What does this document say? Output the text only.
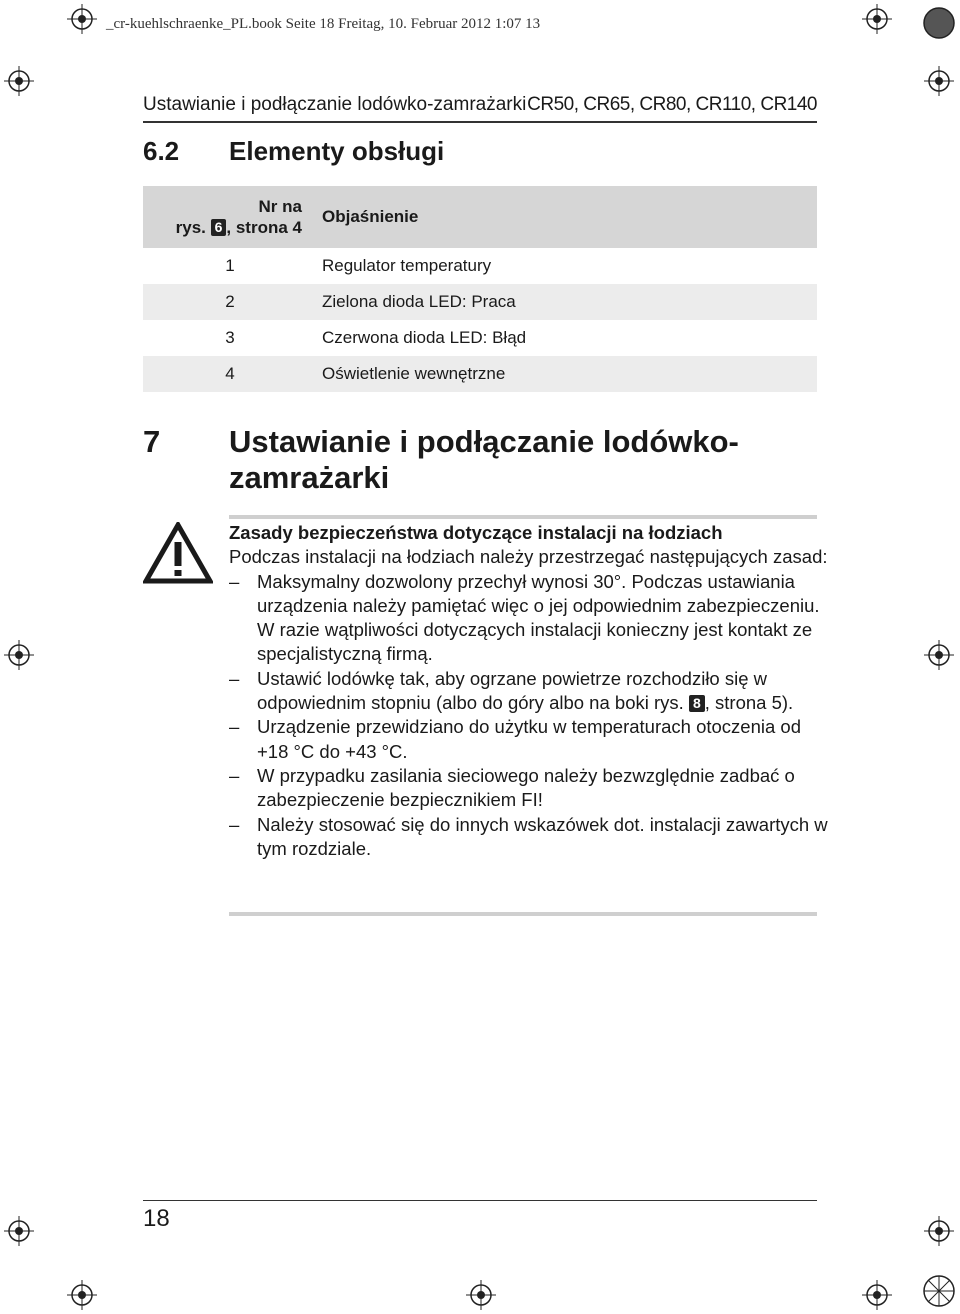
_cr-kuehlschraenke_PL.book Seite 18 Freitag, 10. Februar 2012 1:07 13
Ustawianie i podłączanie lodówko-zamrażarki CR50, CR65, CR80, CR110, CR140
6.2 Elementy obsługi
Nr na
rys. 6 , strona 4	Objaśnienie
1	Regulator temperatury
2	Zielona dioda LED: Praca
3	Czerwona dioda LED: Błąd
4	Oświetlenie wewnętrzne
7 Ustawianie i podłączanie lodówko-zamrażarki
Zasady bezpieczeństwa dotyczące instalacji na łodziach
Podczas instalacji na łodziach należy przestrzegać następujących zasad:
– Maksymalny dozwolony przechył wynosi 30°. Podczas ustawiania urządzenia należy pamiętać więc o jej odpowiednim zabezpieczeniu. W razie wątpliwości dotyczących instalacji konieczny jest kontakt ze specjalistyczną firmą.
– Ustawić lodówkę tak, aby ogrzane powietrze rozchodziło się w odpowiednim stopniu (albo do góry albo na boki rys. 8 , strona 5).
– Urządzenie przewidziano do użytku w temperaturach otoczenia od +18 °C do +43 °C.
– W przypadku zasilania sieciowego należy bezwzględnie zadbać o zabezpieczenie bezpiecznikiem FI!
– Należy stosować się do innych wskazówek dot. instalacji zawartych w tym rozdziale.
18
